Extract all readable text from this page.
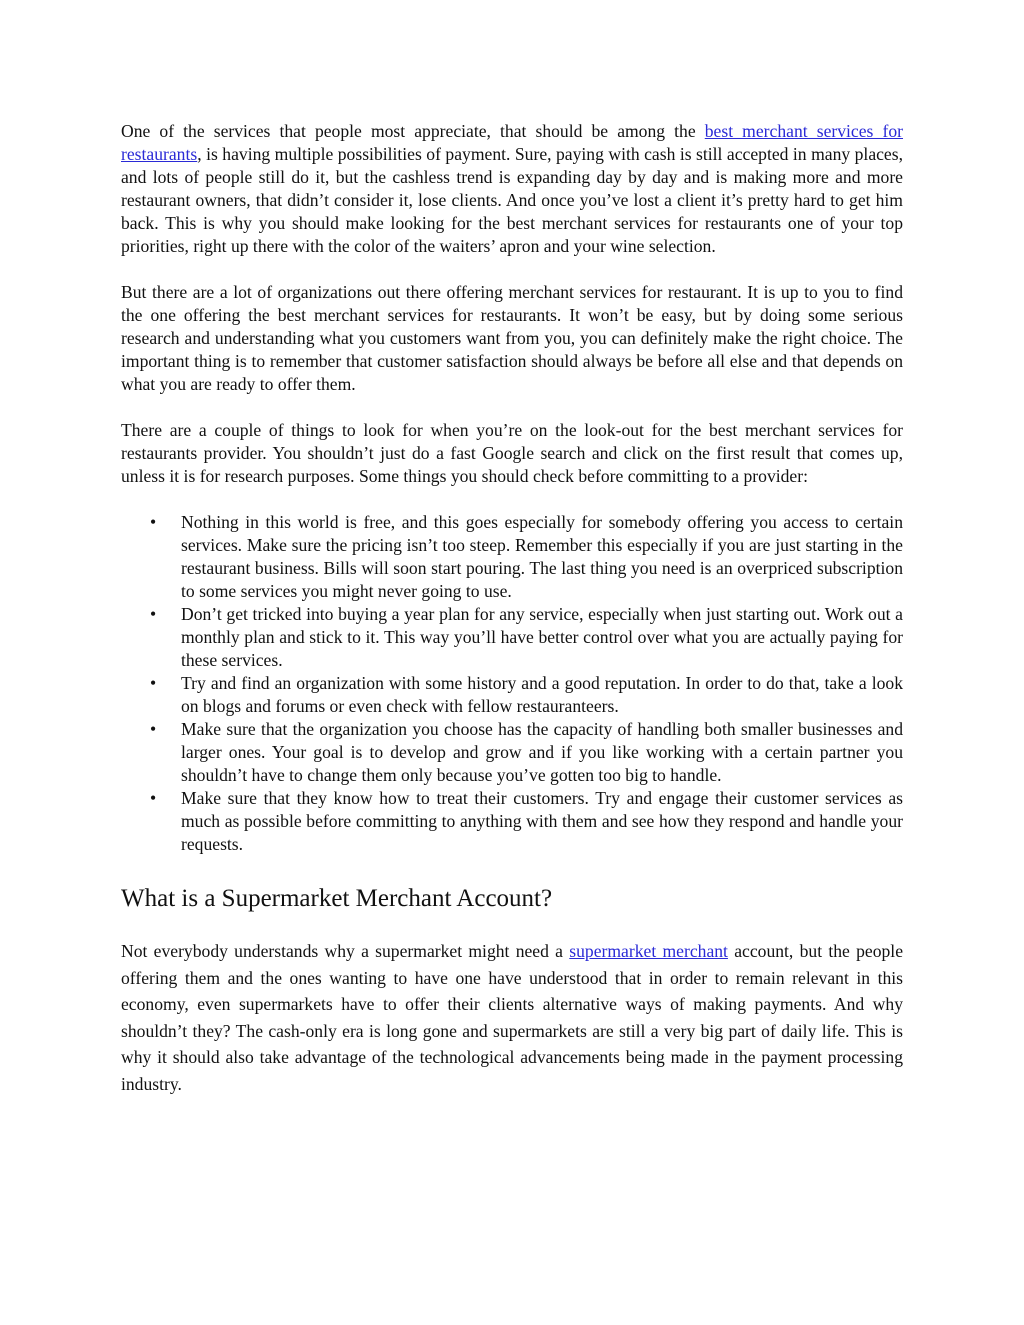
One of the services that people most appreciate, that should be among the best merchant services for restaurants, is having multiple possibilities of payment. Sure, paying with cash is still accepted in many places, and lots of people still do it, but the cashless trend is expanding day by day and is making more and more restaurant owners, that didn’t consider it, lose clients. And once you’ve lost a client it’s pretty hard to get him back. This is why you should make looking for the best merchant services for restaurants one of your top priorities, right up there with the color of the waiters’ apron and your wine selection.

But there are a lot of organizations out there offering merchant services for restaurant. It is up to you to find the one offering the best merchant services for restaurants. It won’t be easy, but by doing some serious research and understanding what you customers want from you, you can definitely make the right choice. The important thing is to remember that customer satisfaction should always be before all else and that depends on what you are ready to offer them.

There are a couple of things to look for when you’re on the look-out for the best merchant services for restaurants provider. You shouldn’t just do a fast Google search and click on the first result that comes up, unless it is for research purposes. Some things you should check before committing to a provider:

• Nothing in this world is free, and this goes especially for somebody offering you access to certain services. Make sure the pricing isn’t too steep. Remember this especially if you are just starting in the restaurant business. Bills will soon start pouring. The last thing you need is an overpriced subscription to some services you might never going to use.
• Don’t get tricked into buying a year plan for any service, especially when just starting out. Work out a monthly plan and stick to it. This way you’ll have better control over what you are actually paying for these services.
• Try and find an organization with some history and a good reputation. In order to do that, take a look on blogs and forums or even check with fellow restauranteers.
• Make sure that the organization you choose has the capacity of handling both smaller businesses and larger ones. Your goal is to develop and grow and if you like working with a certain partner you shouldn’t have to change them only because you’ve gotten too big to handle.
• Make sure that they know how to treat their customers. Try and engage their customer services as much as possible before committing to anything with them and see how they respond and handle your requests.
What is a Supermarket Merchant Account?

Not everybody understands why a supermarket might need a supermarket merchant account, but the people offering them and the ones wanting to have one have understood that in order to remain relevant in this economy, even supermarkets have to offer their clients alternative ways of making payments. And why shouldn’t they? The cash-only era is long gone and supermarkets are still a very big part of daily life. This is why it should also take advantage of the technological advancements being made in the payment processing industry.
